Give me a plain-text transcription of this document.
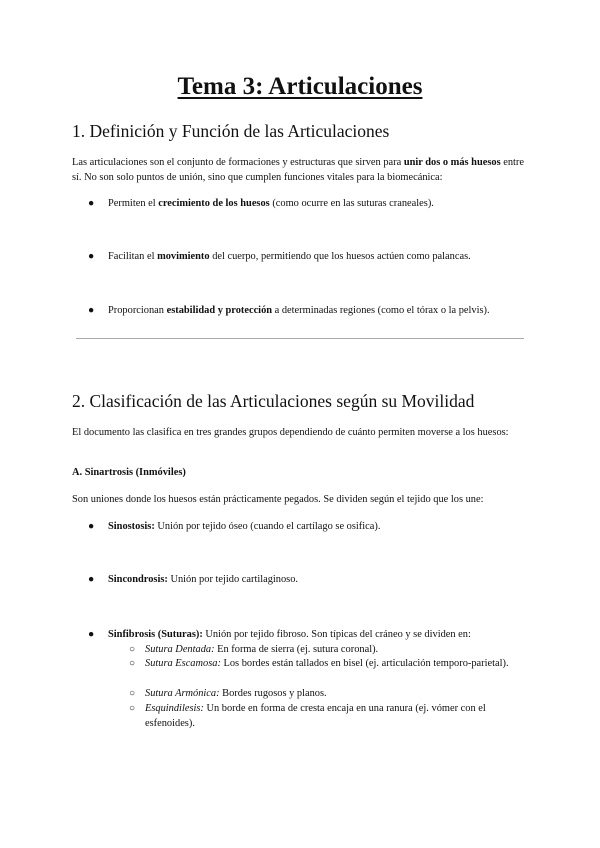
Tema 3: Articulaciones
1. Definición y Función de las Articulaciones

Las articulaciones son el conjunto de formaciones y estructuras que sirven para unir dos o más huesos entre sí. No son solo puntos de unión, sino que cumplen funciones vitales para la biomecánica:

● Permiten el crecimiento de los huesos (como ocurre en las suturas craneales).
● Facilitan el movimiento del cuerpo, permitiendo que los huesos actúen como palancas.
● Proporcionan estabilidad y protección a determinadas regiones (como el tórax o la pelvis).
2. Clasificación de las Articulaciones según su Movilidad

El documento las clasifica en tres grandes grupos dependiendo de cuánto permiten moverse a los huesos:

A. Sinartrosis (Inmóviles)

Son uniones donde los huesos están prácticamente pegados. Se dividen según el tejido que los une:

● Sinostosis: Unión por tejido óseo (cuando el cartílago se osifica).
● Sincondrosis: Unión por tejido cartilaginoso.
● Sinfibrosis (Suturas): Unión por tejido fibroso. Son típicas del cráneo y se dividen en:
○ Sutura Dentada: En forma de sierra (ej. sutura coronal).
○ Sutura Escamosa: Los bordes están tallados en bisel (ej. articulación temporo-parietal).
○ Sutura Armónica: Bordes rugosos y planos.
○ Esquindilesis: Un borde en forma de cresta encaja en una ranura (ej. vómer con el esfenoides).
